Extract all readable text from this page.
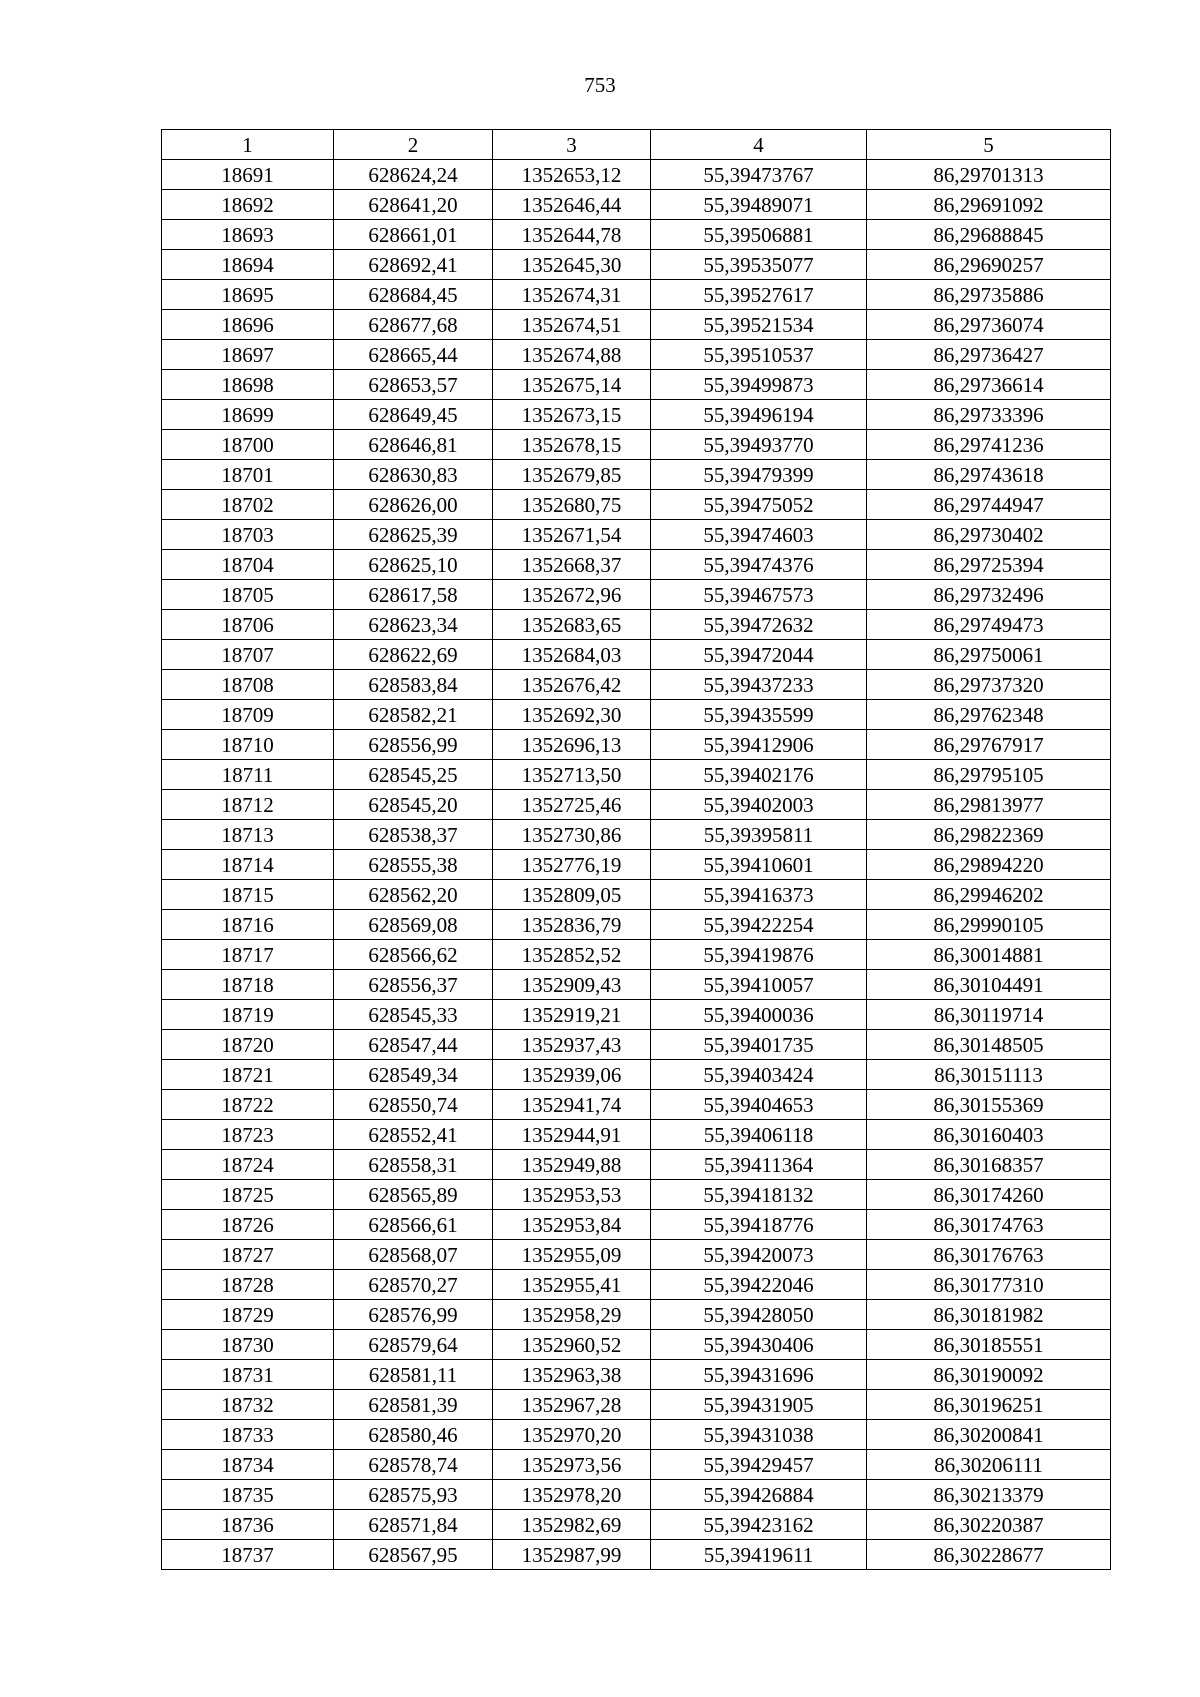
753
1	2	3	4	5
18691	628624,24	1352653,12	55,39473767	86,29701313
18692	628641,20	1352646,44	55,39489071	86,29691092
18693	628661,01	1352644,78	55,39506881	86,29688845
18694	628692,41	1352645,30	55,39535077	86,29690257
18695	628684,45	1352674,31	55,39527617	86,29735886
18696	628677,68	1352674,51	55,39521534	86,29736074
18697	628665,44	1352674,88	55,39510537	86,29736427
18698	628653,57	1352675,14	55,39499873	86,29736614
18699	628649,45	1352673,15	55,39496194	86,29733396
18700	628646,81	1352678,15	55,39493770	86,29741236
18701	628630,83	1352679,85	55,39479399	86,29743618
18702	628626,00	1352680,75	55,39475052	86,29744947
18703	628625,39	1352671,54	55,39474603	86,29730402
18704	628625,10	1352668,37	55,39474376	86,29725394
18705	628617,58	1352672,96	55,39467573	86,29732496
18706	628623,34	1352683,65	55,39472632	86,29749473
18707	628622,69	1352684,03	55,39472044	86,29750061
18708	628583,84	1352676,42	55,39437233	86,29737320
18709	628582,21	1352692,30	55,39435599	86,29762348
18710	628556,99	1352696,13	55,39412906	86,29767917
18711	628545,25	1352713,50	55,39402176	86,29795105
18712	628545,20	1352725,46	55,39402003	86,29813977
18713	628538,37	1352730,86	55,39395811	86,29822369
18714	628555,38	1352776,19	55,39410601	86,29894220
18715	628562,20	1352809,05	55,39416373	86,29946202
18716	628569,08	1352836,79	55,39422254	86,29990105
18717	628566,62	1352852,52	55,39419876	86,30014881
18718	628556,37	1352909,43	55,39410057	86,30104491
18719	628545,33	1352919,21	55,39400036	86,30119714
18720	628547,44	1352937,43	55,39401735	86,30148505
18721	628549,34	1352939,06	55,39403424	86,30151113
18722	628550,74	1352941,74	55,39404653	86,30155369
18723	628552,41	1352944,91	55,39406118	86,30160403
18724	628558,31	1352949,88	55,39411364	86,30168357
18725	628565,89	1352953,53	55,39418132	86,30174260
18726	628566,61	1352953,84	55,39418776	86,30174763
18727	628568,07	1352955,09	55,39420073	86,30176763
18728	628570,27	1352955,41	55,39422046	86,30177310
18729	628576,99	1352958,29	55,39428050	86,30181982
18730	628579,64	1352960,52	55,39430406	86,30185551
18731	628581,11	1352963,38	55,39431696	86,30190092
18732	628581,39	1352967,28	55,39431905	86,30196251
18733	628580,46	1352970,20	55,39431038	86,30200841
18734	628578,74	1352973,56	55,39429457	86,30206111
18735	628575,93	1352978,20	55,39426884	86,30213379
18736	628571,84	1352982,69	55,39423162	86,30220387
18737	628567,95	1352987,99	55,39419611	86,30228677
